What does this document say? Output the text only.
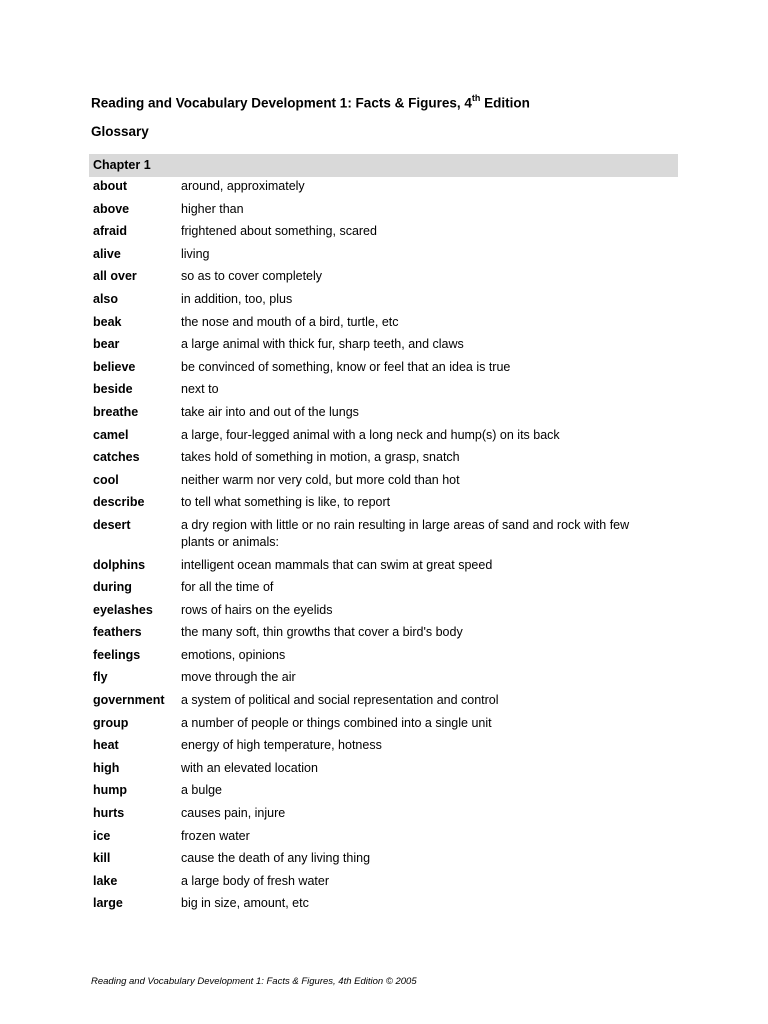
Reading and Vocabulary Development 1: Facts & Figures, 4th Edition
Glossary
Chapter 1
about	around, approximately
above	higher than
afraid	frightened about something, scared
alive	living
all over	so as to cover completely
also	in addition, too, plus
beak	the nose and mouth of a bird, turtle, etc
bear	a large animal with thick fur, sharp teeth, and claws
believe	be convinced of something, know or feel that an idea is true
beside	next to
breathe	take air into and out of the lungs
camel	a large, four-legged animal with a long neck and hump(s) on its back
catches	takes hold of something in motion, a grasp, snatch
cool	neither warm nor very cold, but more cold than hot
describe	to tell what something is like, to report
desert	a dry region with little or no rain resulting in large areas of sand and rock with few plants or animals:
dolphins	intelligent ocean mammals that can swim at great speed
during	for all the time of
eyelashes	rows of hairs on the eyelids
feathers	the many soft, thin growths that cover a bird's body
feelings	emotions, opinions
fly	move through the air
government	a system of political and social representation and control
group	a number of people or things combined into a single unit
heat	energy of high temperature, hotness
high	with an elevated location
hump	a bulge
hurts	causes pain, injure
ice	frozen water
kill	cause the death of any living thing
lake	a large body of fresh water
large	big in size, amount, etc
Reading and Vocabulary Development 1: Facts & Figures, 4th Edition © 2005
